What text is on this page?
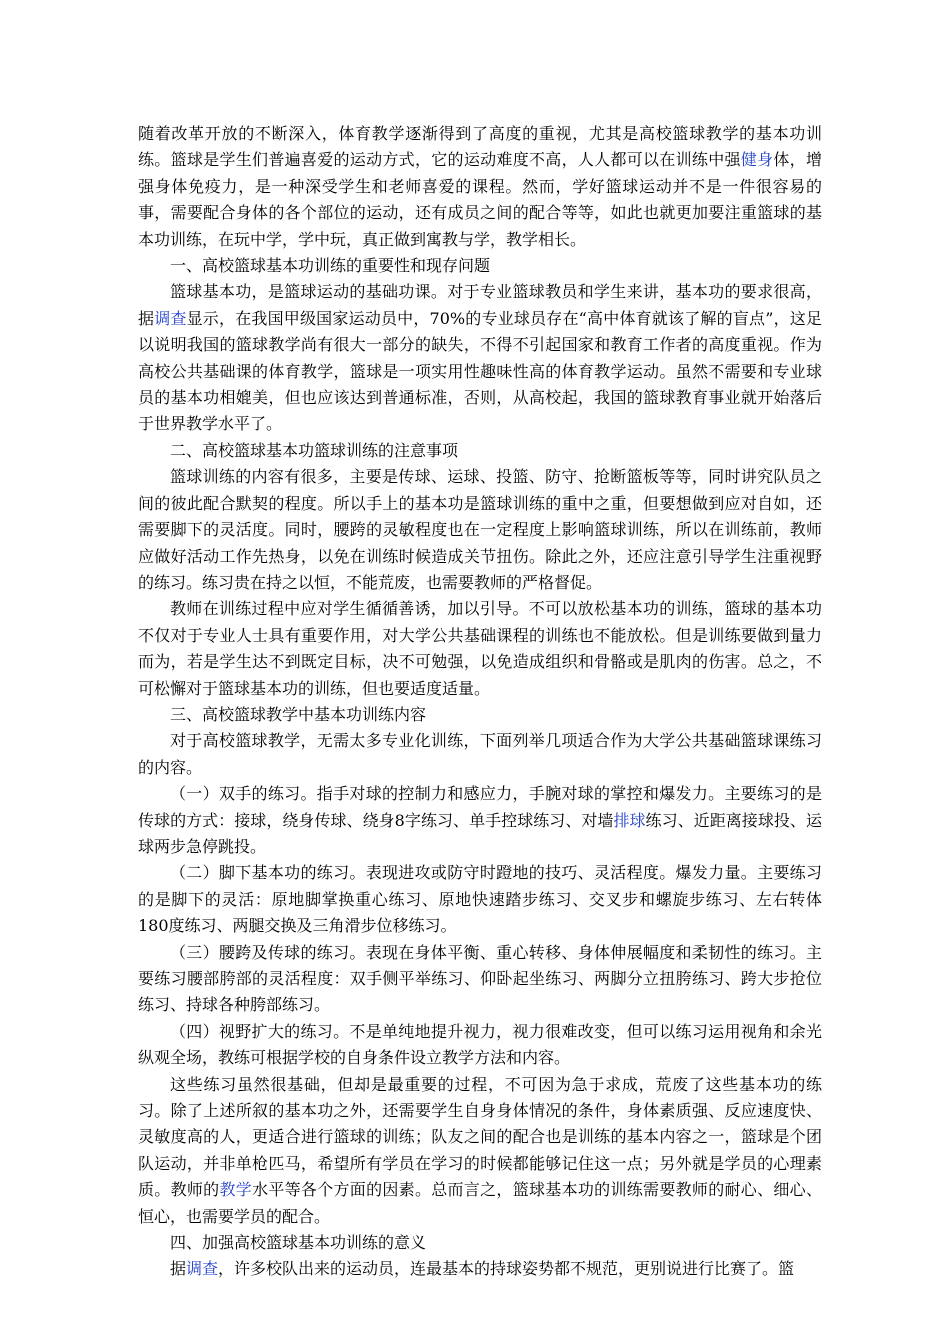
随着改革开放的不断深入，体育教学逐渐得到了高度的重视，尤其是高校篮球教学的基本功训练。篮球是学生们普遍喜爱的运动方式，它的运动难度不高，人人都可以在训练中强健身体，增强身体免疫力，是一种深受学生和老师喜爱的课程。然而，学好篮球运动并不是一件很容易的事，需要配合身体的各个部位的运动，还有成员之间的配合等等，如此也就更加要注重篮球的基本功训练，在玩中学，学中玩，真正做到寓教与学，教学相长。

一、高校篮球基本功训练的重要性和现存问题

篮球基本功，是篮球运动的基础功课。对于专业篮球教员和学生来讲，基本功的要求很高，据调查显示，在我国甲级国家运动员中，70%的专业球员存在“高中体育就该了解的盲点”，这足以说明我国的篮球教学尚有很大一部分的缺失，不得不引起国家和教育工作者的高度重视。作为高校公共基础课的体育教学，篮球是一项实用性趣味性高的体育教学运动。虽然不需要和专业球员的基本功相媲美，但也应该达到普通标准，否则，从高校起，我国的篮球教育事业就开始落后于世界教学水平了。

二、高校篮球基本功篮球训练的注意事项

篮球训练的内容有很多，主要是传球、运球、投篮、防守、抢断篮板等等，同时讲究队员之间的彼此配合默契的程度。所以手上的基本功是篮球训练的重中之重，但要想做到应对自如，还需要脚下的灵活度。同时，腰跨的灵敏程度也在一定程度上影响篮球训练，所以在训练前，教师应做好活动工作先热身，以免在训练时候造成关节扭伤。除此之外，还应注意引导学生注重视野的练习。练习贵在持之以恒，不能荒废，也需要教师的严格督促。

教师在训练过程中应对学生循循善诱，加以引导。不可以放松基本功的训练，篮球的基本功不仅对于专业人士具有重要作用，对大学公共基础课程的训练也不能放松。但是训练要做到量力而为，若是学生达不到既定目标，决不可勉强，以免造成组织和骨骼或是肌肉的伤害。总之，不可松懈对于篮球基本功的训练，但也要适度适量。

三、高校篮球教学中基本功训练内容

对于高校篮球教学，无需太多专业化训练，下面列举几项适合作为大学公共基础篮球课练习的内容。

（一）双手的练习。指手对球的控制力和感应力，手腕对球的掌控和爆发力。主要练习的是传球的方式：接球，绕身传球、绕身8字练习、单手控球练习、对墙排球练习、近距离接球投、运球两步急停跳投。

（二）脚下基本功的练习。表现进攻或防守时蹬地的技巧、灵活程度。爆发力量。主要练习的是脚下的灵活：原地脚掌换重心练习、原地快速踏步练习、交叉步和螺旋步练习、左右转体180度练习、两腿交换及三角滑步位移练习。

（三）腰跨及传球的练习。表现在身体平衡、重心转移、身体伸展幅度和柔韧性的练习。主要练习腰部胯部的灵活程度：双手侧平举练习、仰卧起坐练习、两脚分立扭胯练习、跨大步抢位练习、持球各种胯部练习。

（四）视野扩大的练习。不是单纯地提升视力，视力很难改变，但可以练习运用视角和余光纵观全场，教练可根据学校的自身条件设立教学方法和内容。

这些练习虽然很基础，但却是最重要的过程，不可因为急于求成，荒废了这些基本功的练习。除了上述所叙的基本功之外，还需要学生自身身体情况的条件，身体素质强、反应速度快、灵敏度高的人，更适合进行篮球的训练；队友之间的配合也是训练的基本内容之一，篮球是个团队运动，并非单枪匹马，希望所有学员在学习的时候都能够记住这一点；另外就是学员的心理素质。教师的教学水平等各个方面的因素。总而言之，篮球基本功的训练需要教师的耐心、细心、恒心，也需要学员的配合。

四、加强高校篮球基本功训练的意义

据调查，许多校队出来的运动员，连最基本的持球姿势都不规范，更别说进行比赛了。篮
